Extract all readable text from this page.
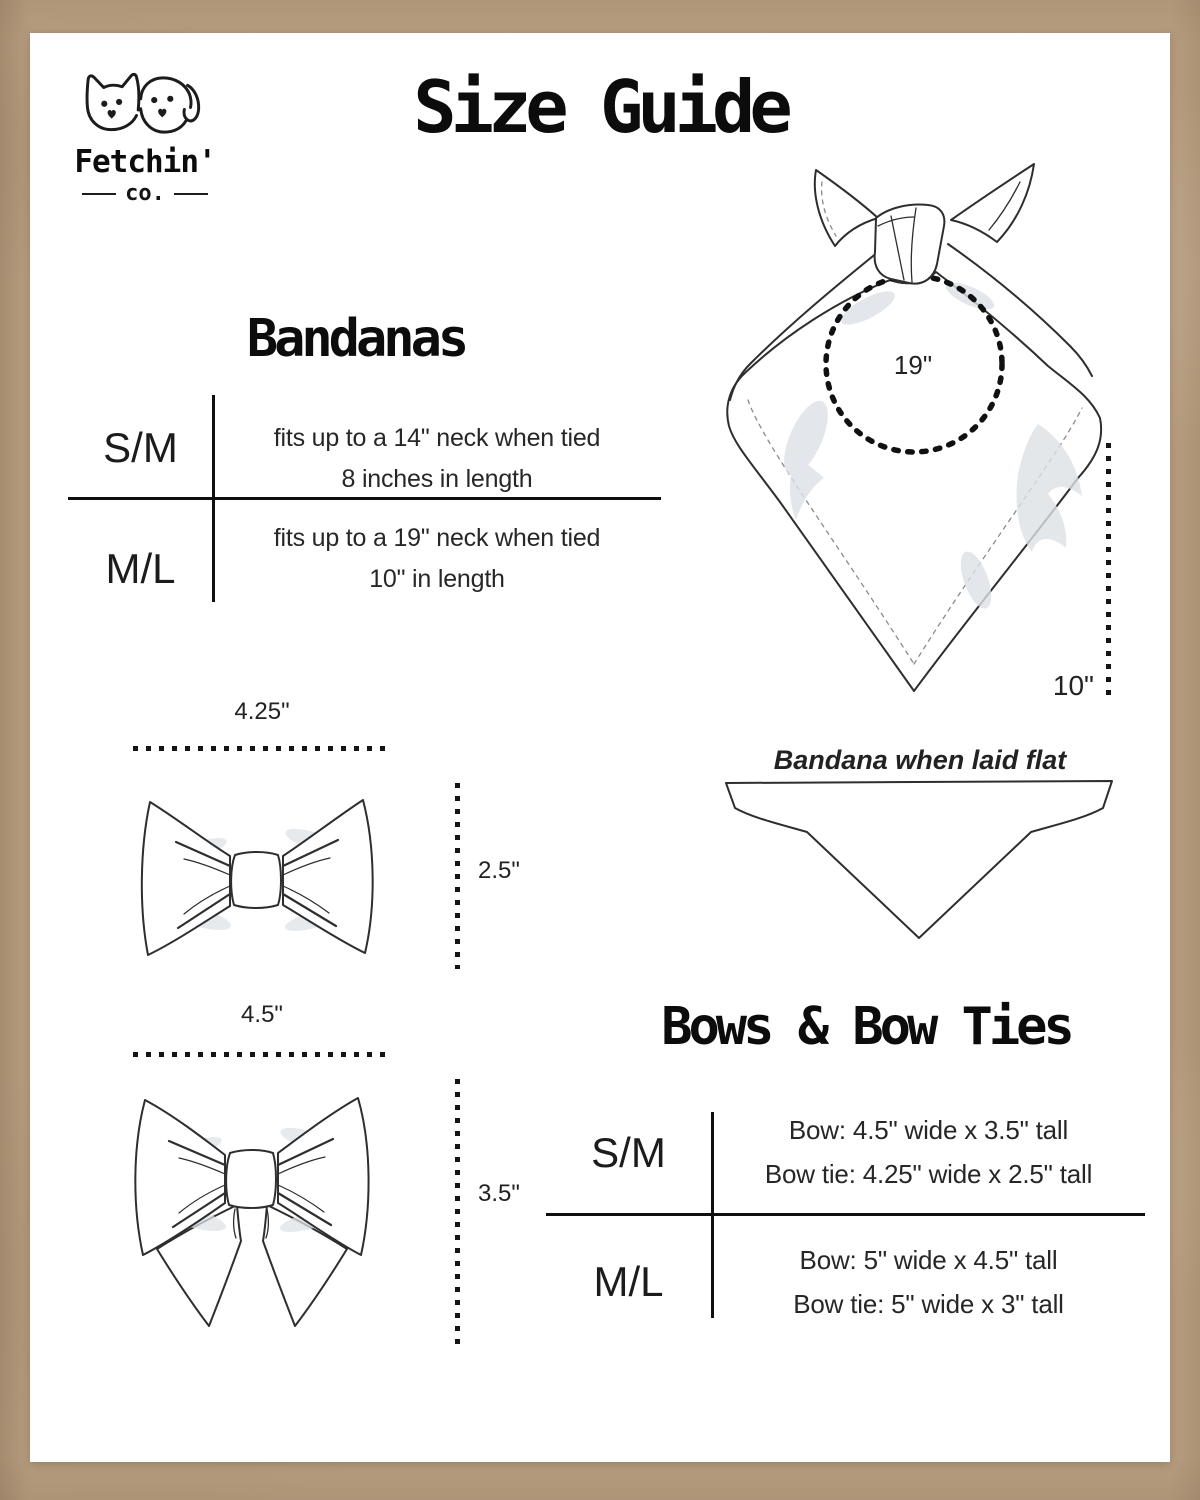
Fetchin'
co.
Size Guide
Bandanas
S/M
M/L
fits up to a 14" neck when tied
8 inches in length
fits up to a 19" neck when tied
10" in length
19"
10"
Bandana when laid flat
4.25"
2.5"
4.5"
3.5"
Bows & Bow Ties
S/M
M/L
Bow: 4.5" wide x 3.5" tall
Bow tie: 4.25" wide x 2.5" tall
Bow: 5" wide x 4.5" tall
Bow tie: 5" wide x 3" tall
